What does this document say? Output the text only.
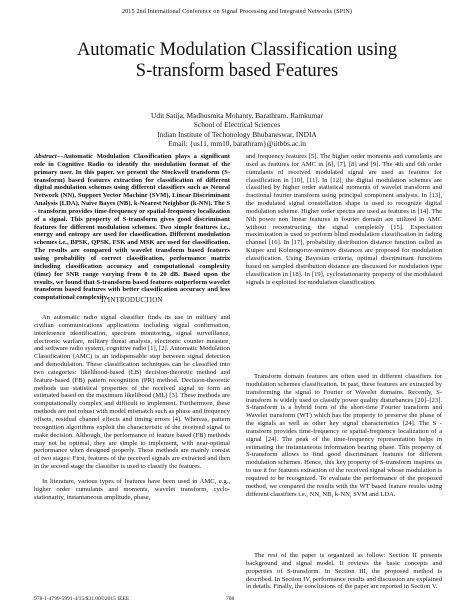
2015 2nd International Conference on Signal Processing and Integrated Networks (SPIN)
Automatic Modulation Classification using
S-transform based Features
Udit Satija, Madhusmita Mohanty, Barathram. Ramkumar
School of Electrical Sciences
Indian Institute of Techonology Bhubaneswar, INDIA
Email: {us11, mm10, barathram}@iitbbs.ac.in

Abstract—Automatic Modulation Classification plays a significant role in Cognitive Radio to identify the modulation format of the primary user. In this paper, we present the Stockwell transform (S-transform) based features extraction for classification of different digital modulation schemes using different classifiers such as Neural Network (NN), Support Vector Machine (SVM), Linear Discriminant Analysis (LDA), Naive Bayes (NB), k-Nearest Neighbor (k-NN). The S - transform provides time-frequency or spatial-frequency localization of a signal. This property of S-transform gives good discriminant features for different modulation schemes. Two simple features i.e., energy and entropy are used for classification. Different modulation schemes i.e., BPSK, QPSK, FSK and MSK are used for classification. The results are compared with wavelet transform based features using probability of correct classification, performance matrix including classification accuracy and computational complexity (time) for SNR range varying from 0 to 20 dB. Based upon the results, we found that S-transform based features outperform wavelet transform based features with better classification accuracy and less computational complexity.

I. INTRODUCTION

An automatic radio signal classifier finds its use in military and civilian communications applications including signal confirmation, interference identification, spectrum monitoring, signal surveillance, electronic warfare, military threat analysis, electronic counter measure, and software radio system, cognitive radio [1], [2]. Automatic Modulation Classification (AMC) is an indispensable step between signal detection and demodulation. These classification techniques can be classified into two categories: likelihood-based (LB) decision-theoretic method and feature-based (FB) pattern recognition (PR) method. Decision-theoretic methods use statistical properties of the received signal to form an estimated based on the maximum likelihood (ML) [3]. These methods are computationally complex and difficult to implement. Furthermore, these methods are not robust with model mismatch such as phase and frequency offsets, residual channel effects and timing errors [4]. Whereas, pattern recognition algorithms exploit the characteristic of the received signal to make decision. Although, the performance of feature based (FB) methods may not be optimal, they are simple to implement, with near-optimal performance when designed properly. These methods are mainly consist of two stages: First, features of the received signals are extracted and then in the second stage the classifier is used to classify the features.

In literature, various types of features have been used in AMC, e.g., higher order cumulants and moments, wavelet transform, cyclo-stationarity, instantaneous amplitude, phase,

and frequency features [5]. The higher order moments and cumulants are used as features for AMC in [6], [7], [8] and [9]. The 4th and 6th order cumulants of received modulated signal are used as features for classification in [10], [11]. In [12], the digital modulation schemes are classified by higher order statistical moments of wavelet transform and fractional fourier transform using principal component analysis. In [13], the modulated signal constellation shape is used to recognize digital modulation scheme. Higher order spectra are used as features in [14]. The Nth power non linear features in fourier domain are utilized in AMC without reconstructing the signal completely [15]. Expectation maximization is used to perform blind modulation classification in fading channel [16]. In [17], probability distribution distance function called as Kuiper and Kolmogorov-smirnov distances are proposed for modulation classification. Using Bayesian criteria, optimal discriminant functions based on sampled distribution distance are discussed for modulation type classification in [18]. In [19], cyclostationarity property of the modulated signals is exploited for modulation classification.
Transform domain features are often used in different classifiers for modulation schemes classification. In past, these features are extracted by transforming the signal to Fourier or Wavelet domains. Recently, S-transform is widely used to classify power quality disturbances [20]–[23]. S-transform is a hybrid form of the short-time Fourier transform and Wavelet transform (WT) which has the property to preserve the phase of the signals as well as other key signal characteristics [24]. The S - transform provides time-frequency or spatial-frequency localization of a signal [24]. The peak of the time-frequency representation helps in estimating the instantaneous information bearing phase. This property of S-transform allows to find good discriminant features for different modulation schemes. Hence, this key property of S-transform inspires us to use it for features extraction of the received signal whose modulation is required to be recognized. To evaluate the performance of the proposed method, we compared the results with the WT based feature results using different classifiers i.e., NN, NB, k-NN, SVM and LDA.
The rest of the paper is organized as follow: Section II presents background and signal model. It reviews the basic concepts and properties of S-transform. In Section III, the proposed method is described. In Section IV, performance results and discussion are explained in details. Finally, the conclusions of the paper are reported in Section V.
978-1-4799-5991-4/15/$31.00©2015 IEEE	708
